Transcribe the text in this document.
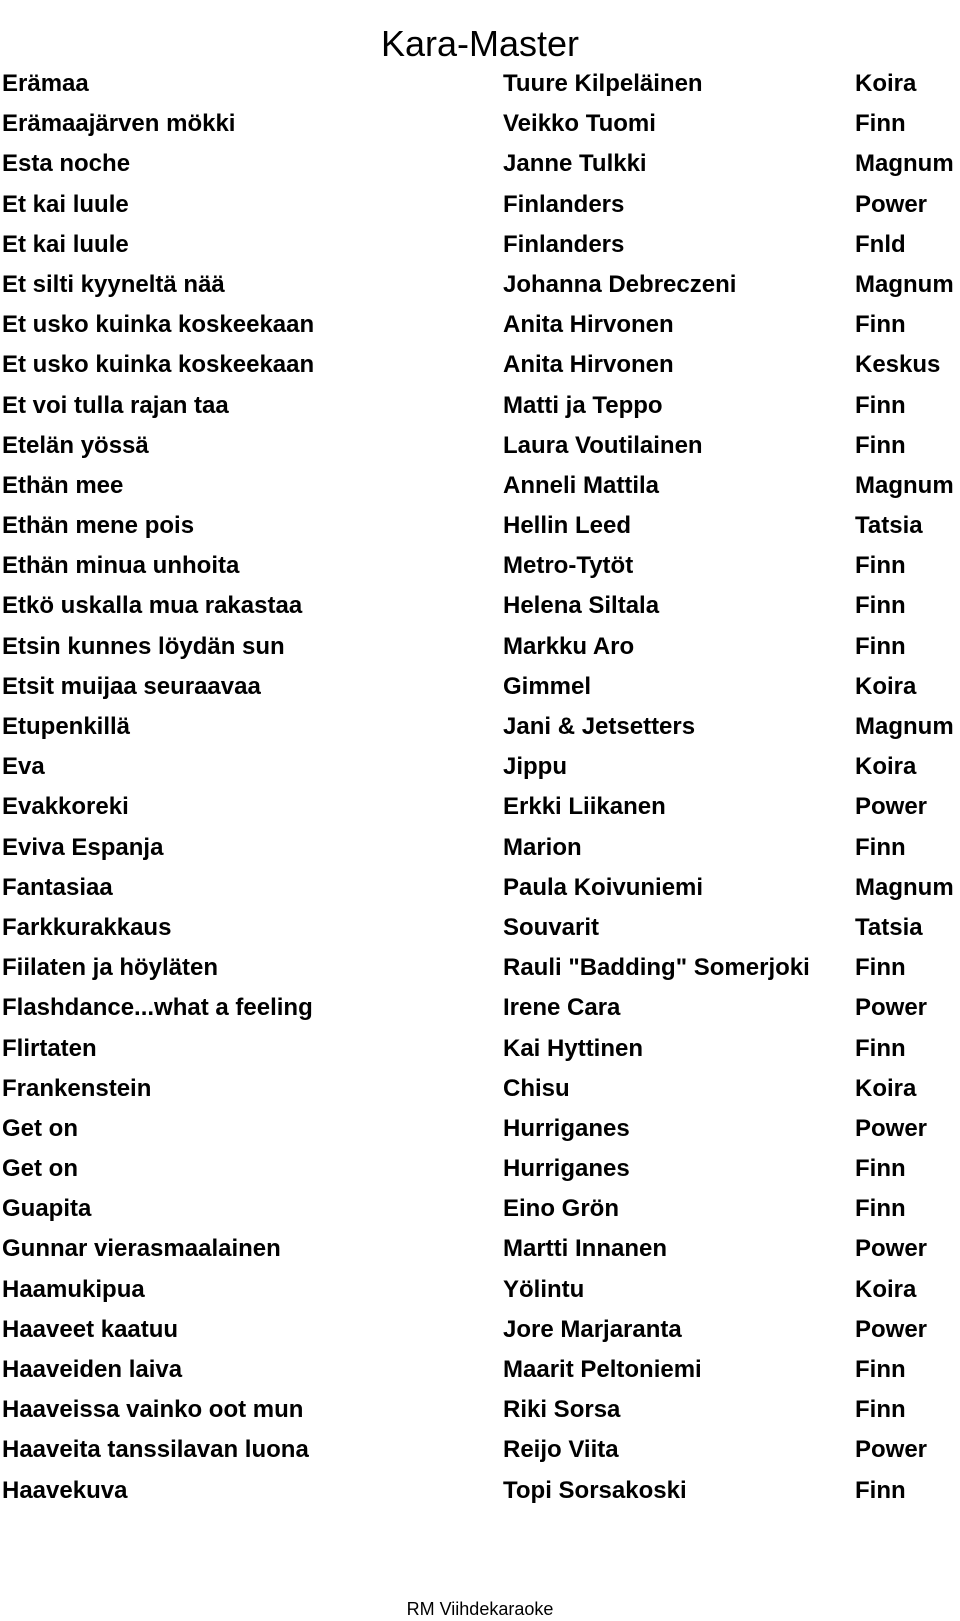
Kara-Master
Erämaa	Tuure Kilpeläinen	Koira
Erämaajärven mökki	Veikko Tuomi	Finn
Esta noche	Janne Tulkki	Magnum
Et kai luule	Finlanders	Power
Et kai luule	Finlanders	Fnld
Et silti kyyneltä nää	Johanna Debreczeni	Magnum
Et usko kuinka koskeekaan	Anita Hirvonen	Finn
Et usko kuinka koskeekaan	Anita Hirvonen	Keskus
Et voi tulla rajan taa	Matti ja Teppo	Finn
Etelän yössä	Laura Voutilainen	Finn
Ethän mee	Anneli Mattila	Magnum
Ethän mene pois	Hellin Leed	Tatsia
Ethän minua unhoita	Metro-Tytöt	Finn
Etkö uskalla mua rakastaa	Helena Siltala	Finn
Etsin kunnes löydän sun	Markku Aro	Finn
Etsit muijaa seuraavaa	Gimmel	Koira
Etupenkillä	Jani & Jetsetters	Magnum
Eva	Jippu	Koira
Evakkoreki	Erkki Liikanen	Power
Eviva Espanja	Marion	Finn
Fantasiaa	Paula Koivuniemi	Magnum
Farkkurakkaus	Souvarit	Tatsia
Fiilaten ja höyläten	Rauli "Badding" Somerjoki	Finn
Flashdance...what a feeling	Irene Cara	Power
Flirtaten	Kai Hyttinen	Finn
Frankenstein	Chisu	Koira
Get on	Hurriganes	Power
Get on	Hurriganes	Finn
Guapita	Eino Grön	Finn
Gunnar vierasmaalainen	Martti Innanen	Power
Haamukipua	Yölintu	Koira
Haaveet kaatuu	Jore Marjaranta	Power
Haaveiden laiva	Maarit Peltoniemi	Finn
Haaveissa vainko oot mun	Riki Sorsa	Finn
Haaveita tanssilavan luona	Reijo Viita	Power
Haavekuva	Topi Sorsakoski	Finn
RM Viihdekaraoke
